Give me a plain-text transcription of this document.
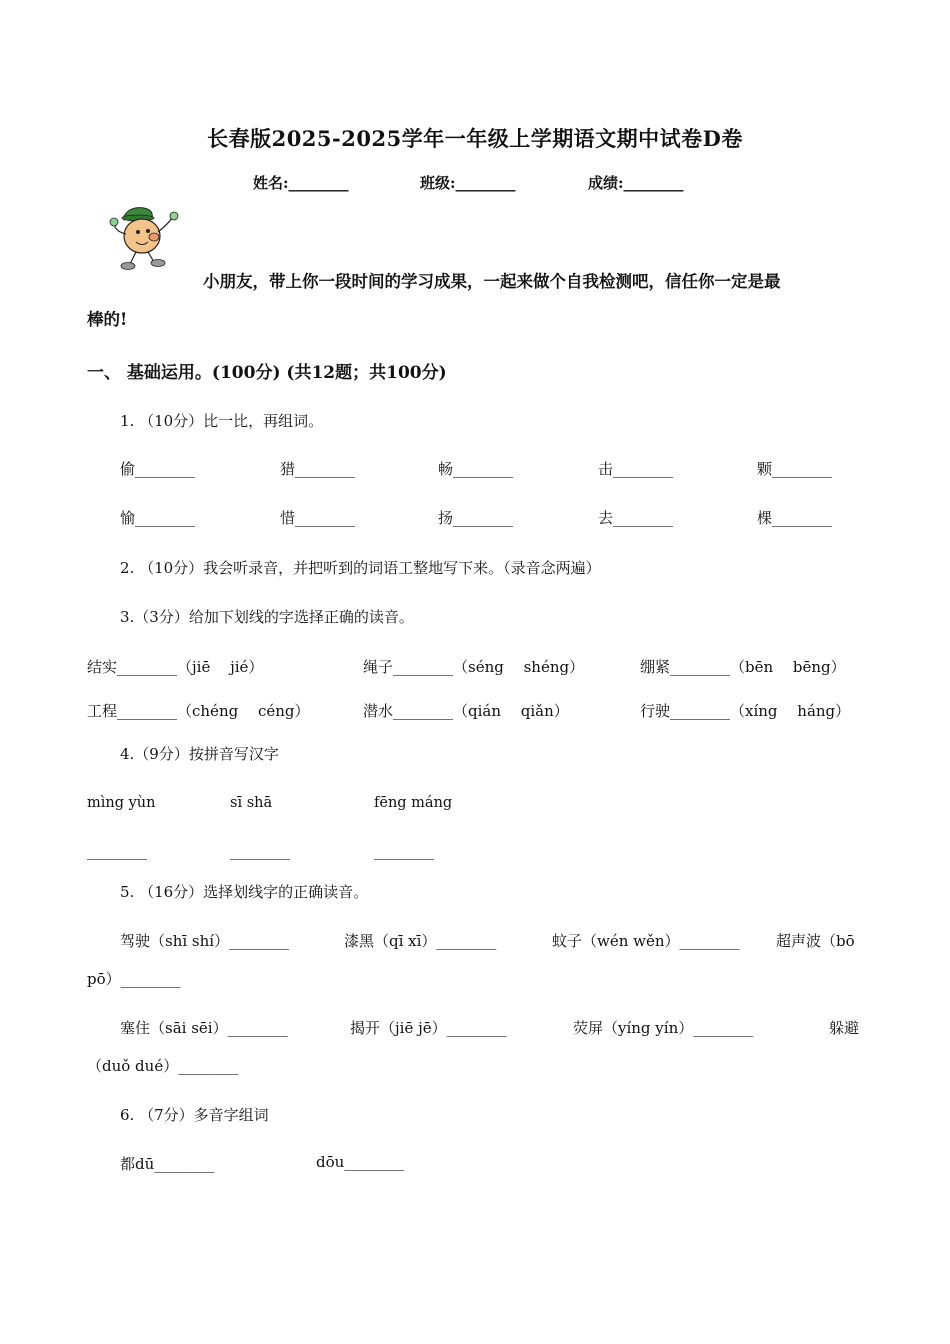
长春版2025-2025学年一年级上学期语文期中试卷D卷
姓名:________	班级:________	成绩:________
小朋友，带上你一段时间的学习成果，一起来做个自我检测吧，信任你一定是最
棒的!
一、 基础运用。(100分) (共12题；共100分)
1. （10分）比一比，再组词。
偷________	猎________	畅________	击________	颗________
愉________	惜________	扬________	去________	棵________
2. （10分）我会听录音，并把听到的词语工整地写下来。（录音念两遍）
3.（3分）给加下划线的字选择正确的读音。
结实________（jiē　 jié）	绳子________（séng　 shéng）	绷紧________（bēn　 bēng）
工程________（chéng　 céng）	潜水________（qián　 qiǎn）	行驶________（xíng　 háng）
4.（9分）按拼音写汉字
mìng yùn	sī shā	fēng máng
________	________	________
5. （16分）选择划线字的正确读音。
驾驶（shī shí）________	漆黑（qī xī）________	蚊子（wén wěn）________ 超声波（bō
pō）________
塞住（sāi sēi）________	揭开（jiē jē）________	荧屏（yíng yín）________	躲避
（duǒ dué）________
6. （7分）多音字组词
都dū________	dōu________
